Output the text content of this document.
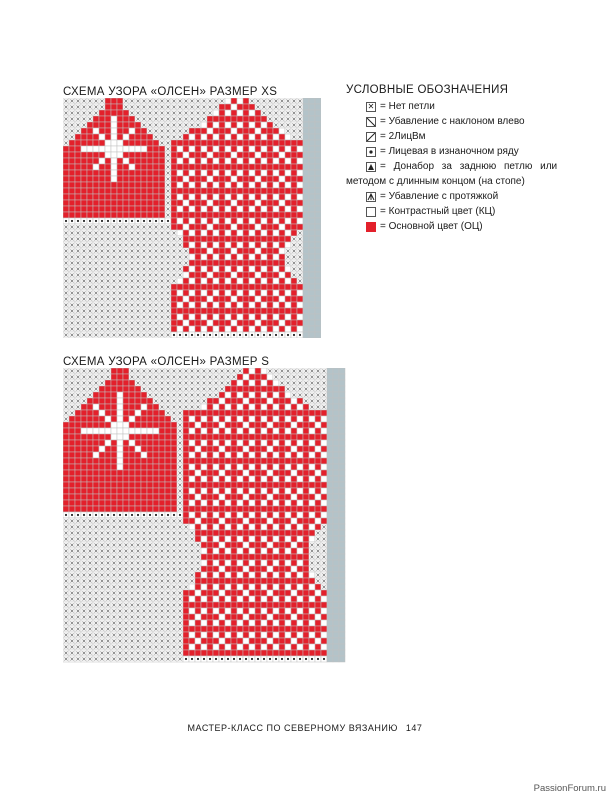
СХЕМА УЗОРА «ОЛСЕН» РАЗМЕР XS
СХЕМА УЗОРА «ОЛСЕН» РАЗМЕР S
УСЛОВНЫЕ ОБОЗНАЧЕНИЯ
✕ = Нет петли
= Убавление с наклоном влево
= 2ЛицВм
= Лицевая в изнаночном ряду
= Донабор за заднюю петлю или
методом с длинным концом (на стопе)
= Убавление с протяжкой
= Контрастный цвет (КЦ)
= Основной цвет (ОЦ)
МАСТЕР-КЛАСС ПО СЕВЕРНОМУ ВЯЗАНИЮ 147
PassionForum.ru
